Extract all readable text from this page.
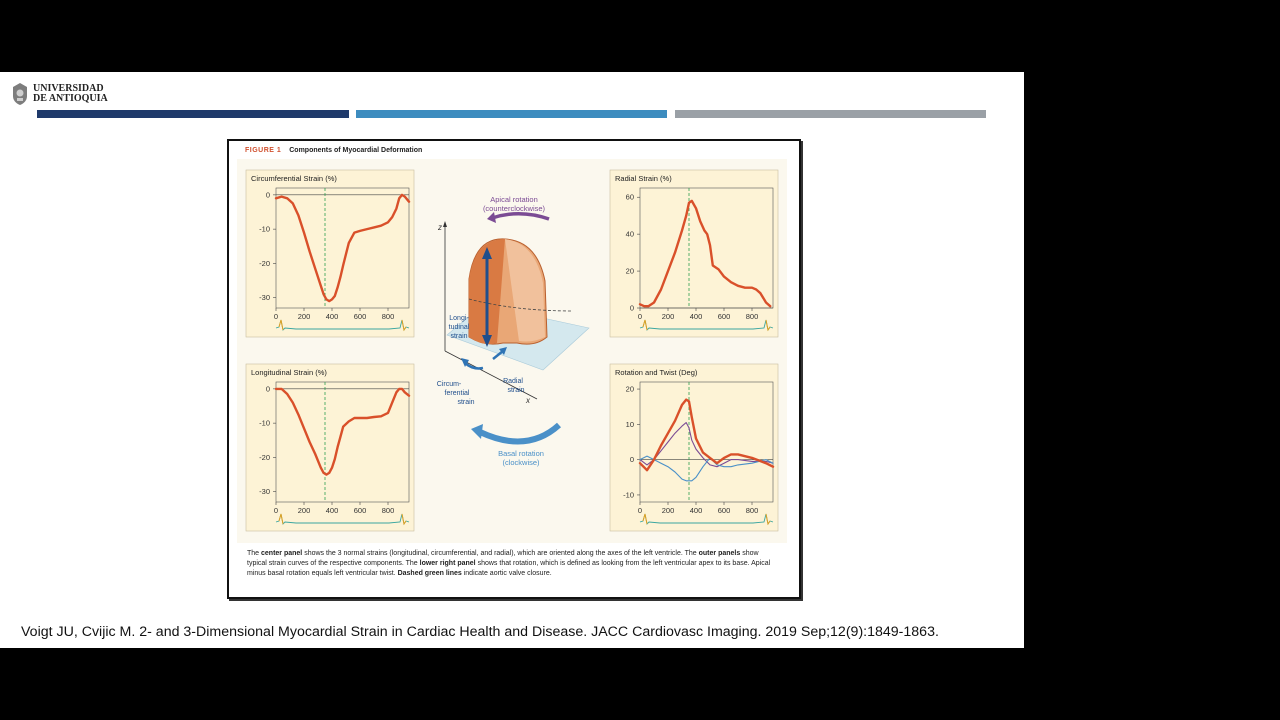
UNIVERSIDAD
DE ANTIOQUIA
FIGURE 1 Components of Myocardial Deformation
Apical rotation
(counterclockwise)
Basal rotation
(clockwise)
z
x
Longi-
tudinal
strain
Circum-
ferential
strain
Radial
strain
Circumferential Strain (%)
0
-10
-20
-30
0	200 400 600 800
Radial Strain (%)
0
20
40
60
0	200 400 600 800
Longitudinal Strain (%)
0
-10
-20
-30
0	200 400 600 800
Rotation and Twist (Deg)
20
10
0
-10
0	200 400 600 800
The center panel shows the 3 normal strains (longitudinal, circumferential, and radial), which are oriented along the axes of the left ventricle. The outer panels show typical strain curves of the respective components. The lower right panel shows that rotation, which is defined as looking from the left ventricular apex to its base. Apical minus basal rotation equals left ventricular twist. Dashed green lines indicate aortic valve closure.
Voigt JU, Cvijic M. 2- and 3-Dimensional Myocardial Strain in Cardiac Health and Disease. JACC Cardiovasc Imaging. 2019 Sep;12(9):1849-1863.
